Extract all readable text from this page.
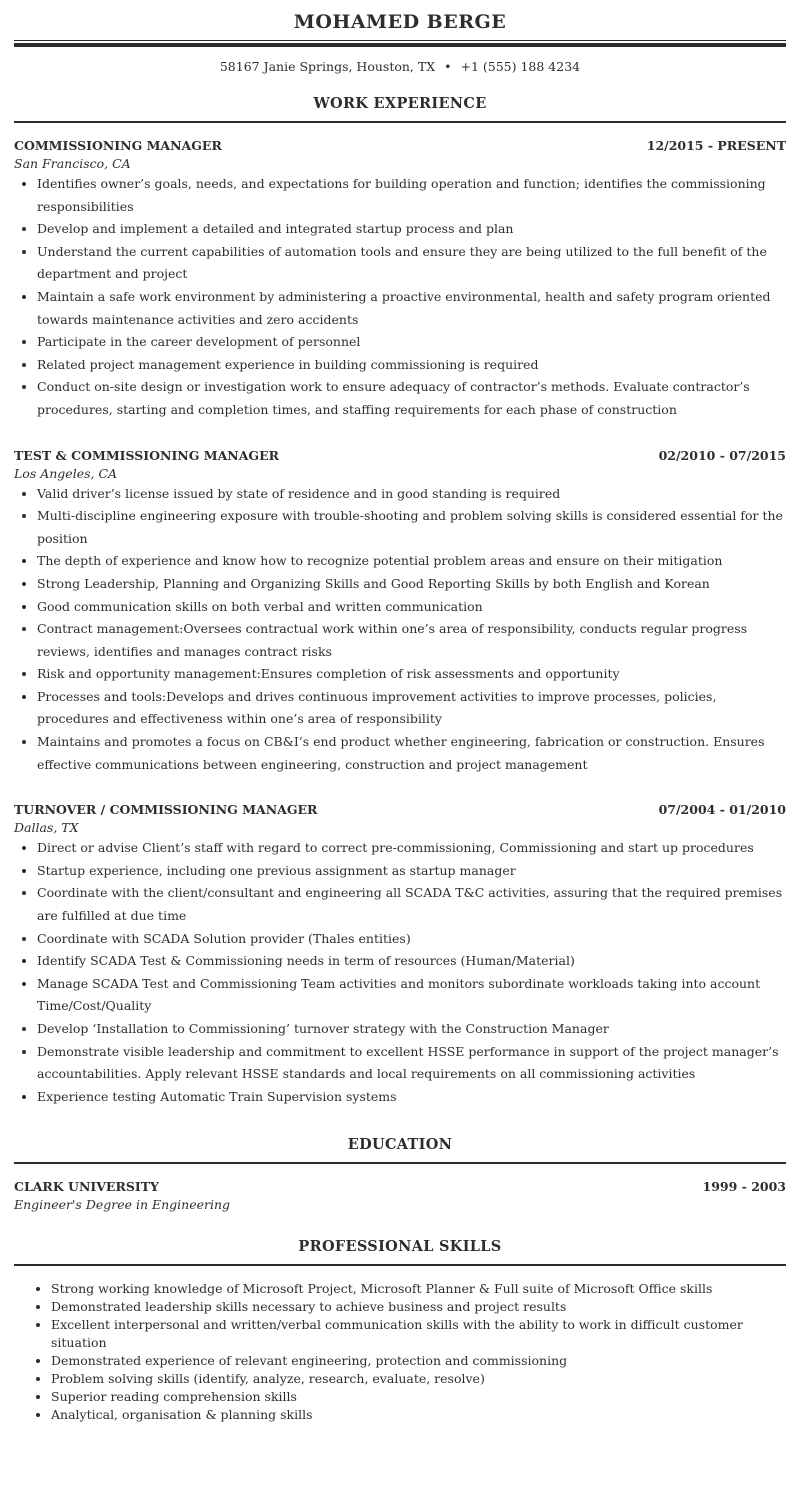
MOHAMED BERGE
58167 Janie Springs, Houston, TX • +1 (555) 188 4234
WORK EXPERIENCE
COMMISSIONING MANAGER	12/2015 - PRESENT
San Francisco, CA
• Identifies owner’s goals, needs, and expectations for building operation and function; identifies the commissioning responsibilities
• Develop and implement a detailed and integrated startup process and plan
• Understand the current capabilities of automation tools and ensure they are being utilized to the full benefit of the department and project
• Maintain a safe work environment by administering a proactive environmental, health and safety program oriented towards maintenance activities and zero accidents
• Participate in the career development of personnel
• Related project management experience in building commissioning is required
• Conduct on-site design or investigation work to ensure adequacy of contractor’s methods. Evaluate contractor’s procedures, starting and completion times, and staffing requirements for each phase of construction
TEST & COMMISSIONING MANAGER	02/2010 - 07/2015
Los Angeles, CA
• Valid driver’s license issued by state of residence and in good standing is required
• Multi-discipline engineering exposure with trouble-shooting and problem solving skills is considered essential for the position
• The depth of experience and know how to recognize potential problem areas and ensure on their mitigation
• Strong Leadership, Planning and Organizing Skills and Good Reporting Skills by both English and Korean
• Good communication skills on both verbal and written communication
• Contract management:Oversees contractual work within one’s area of responsibility, conducts regular progress reviews, identifies and manages contract risks
• Risk and opportunity management:Ensures completion of risk assessments and opportunity
• Processes and tools:Develops and drives continuous improvement activities to improve processes, policies, procedures and effectiveness within one’s area of responsibility
• Maintains and promotes a focus on CB&I’s end product whether engineering, fabrication or construction. Ensures effective communications between engineering, construction and project management
TURNOVER / COMMISSIONING MANAGER	07/2004 - 01/2010
Dallas, TX
• Direct or advise Client’s staff with regard to correct pre-commissioning, Commissioning and start up procedures
• Startup experience, including one previous assignment as startup manager
• Coordinate with the client/consultant and engineering all SCADA T&C activities, assuring that the required premises are fulfilled at due time
• Coordinate with SCADA Solution provider (Thales entities)
• Identify SCADA Test & Commissioning needs in term of resources (Human/Material)
• Manage SCADA Test and Commissioning Team activities and monitors subordinate workloads taking into account Time/Cost/Quality
• Develop ‘Installation to Commissioning’ turnover strategy with the Construction Manager
• Demonstrate visible leadership and commitment to excellent HSSE performance in support of the project manager’s accountabilities. Apply relevant HSSE standards and local requirements on all commissioning activities
• Experience testing Automatic Train Supervision systems
EDUCATION
CLARK UNIVERSITY	1999 - 2003
Engineer's Degree in Engineering
PROFESSIONAL SKILLS
• Strong working knowledge of Microsoft Project, Microsoft Planner & Full suite of Microsoft Office skills
• Demonstrated leadership skills necessary to achieve business and project results
• Excellent interpersonal and written/verbal communication skills with the ability to work in difficult customer situation
• Demonstrated experience of relevant engineering, protection and commissioning
• Problem solving skills (identify, analyze, research, evaluate, resolve)
• Superior reading comprehension skills
• Analytical, organisation & planning skills
